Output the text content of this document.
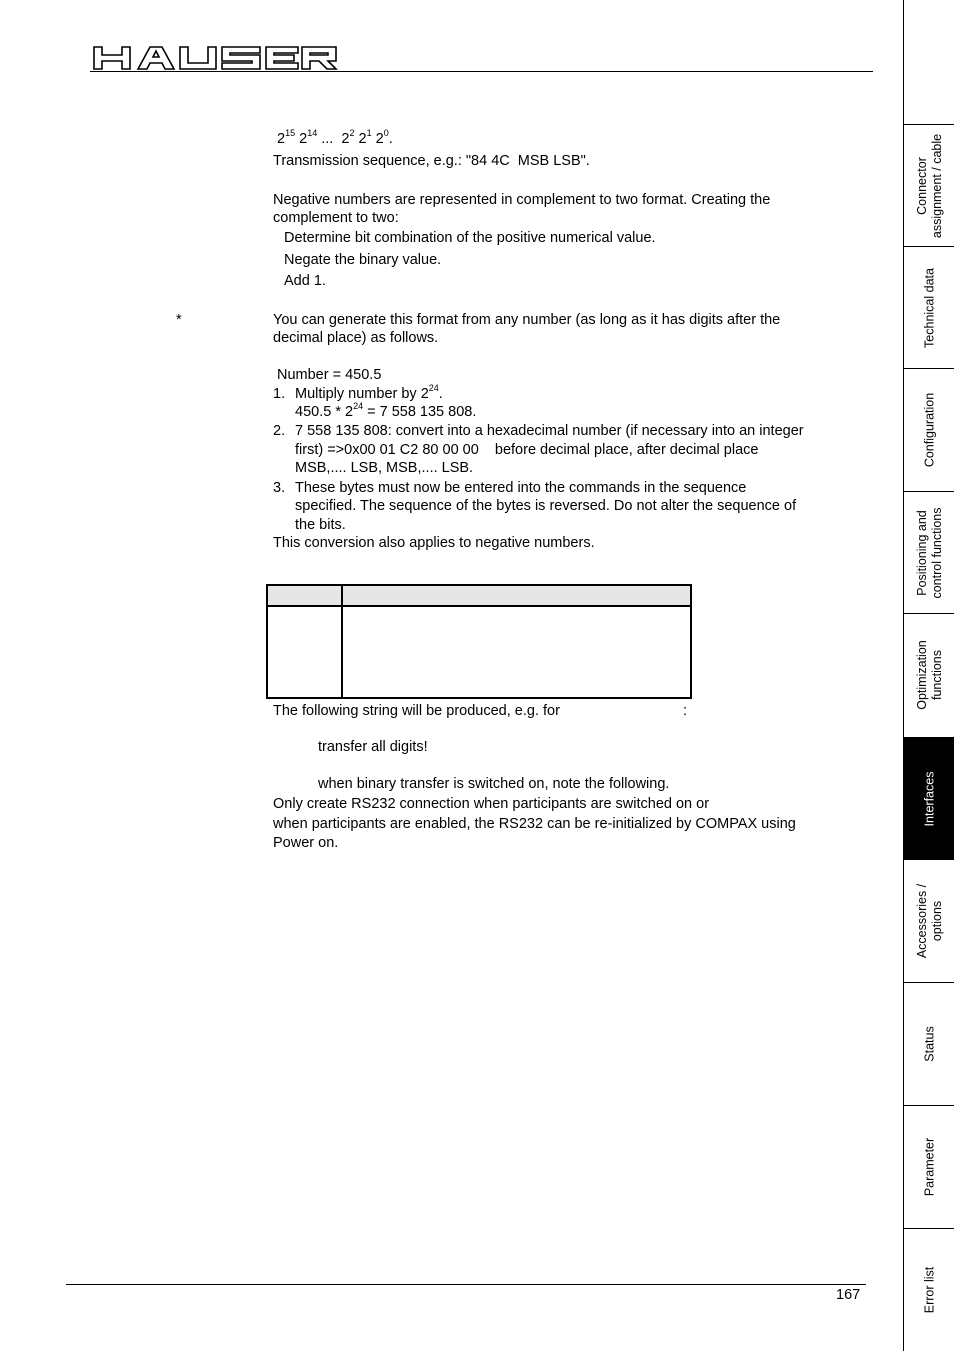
$2^{15}$ $2^{14}$ ...  $2^2$ $2^1$ $2^0$.
Transmission sequence, e.g.: "84 4C  MSB LSB".
Negative numbers are represented in complement to two format. Creating the
complement to two:
Determine bit combination of the positive numerical value.
Negate the binary value.
Add 1.
*	You can generate this format from any number (as long as it has digits after the
decimal place) as follows.
Number = 450.5
1. Multiply number by $2^{24}$.
$450.5 * 2^{24} = 7$ 558 135 808.
2. 7 558 135 808: convert into a hexadecimal number (if necessary into an integer
first) =>0x00 01 C2 80 00 00    before decimal place, after decimal place
MSB,.... LSB, MSB,.... LSB.
3. These bytes must now be entered into the commands in the sequence
specified. The sequence of the bytes is reversed. Do not alter the sequence of
the bits.
This conversion also applies to negative numbers.
The following string will be produced, e.g. for	:
transfer all digits!
when binary transfer is switched on, note the following.
Only create RS232 connection when participants are switched on or
when participants are enabled, the RS232 can be re-initialized by COMPAX using
Power on.
167
Connector assignment / cable
Technical data
Configuration
Positioning and control functions
Optimization functions
Interfaces
Accessories / options
Status
Parameter
Error list
